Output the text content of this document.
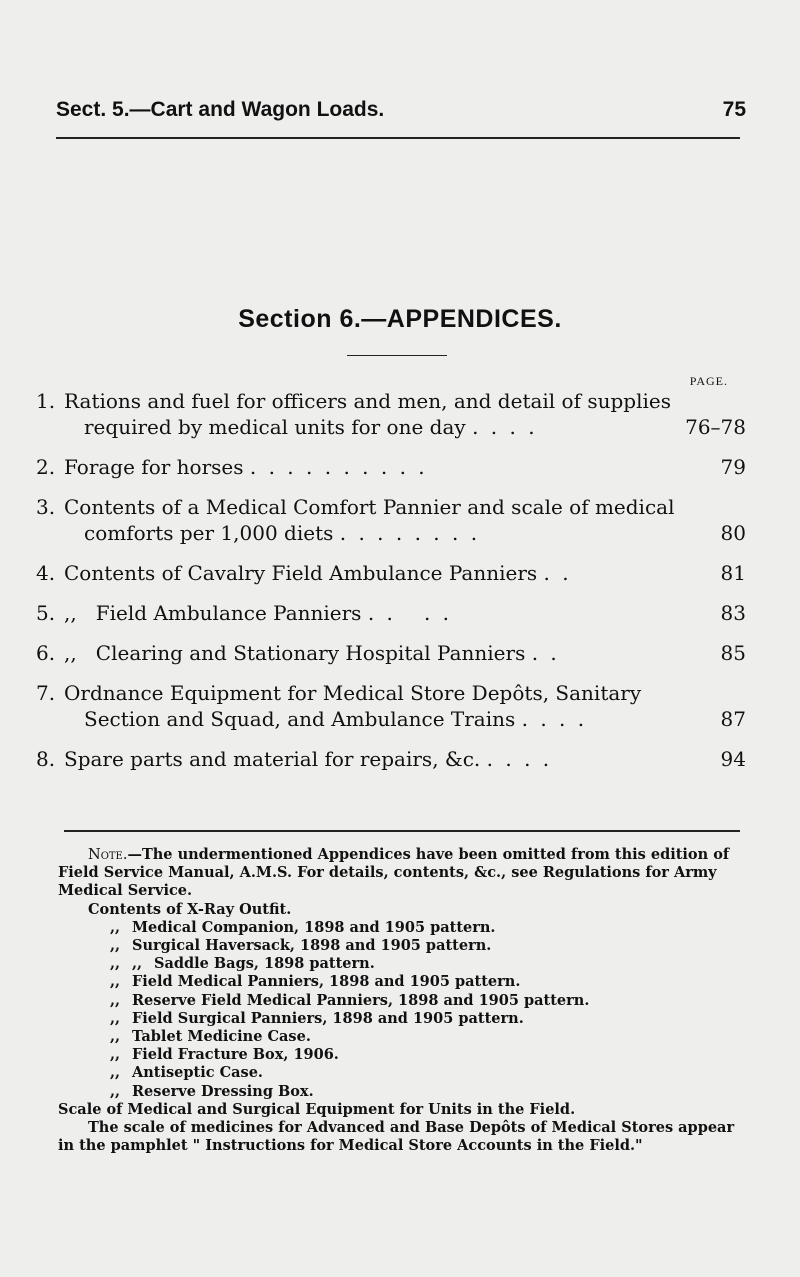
Sect. 5.—Cart and Wagon Loads.	75
Section 6.—APPENDICES.
PAGE.
1. Rations and fuel for officers and men, and detail of supplies
required by medical units for one day . . . .	76–78
2. Forage for horses . . . . . . . . . .	79
3. Contents of a Medical Comfort Pannier and scale of medical
comforts per 1,000 diets . . . . . . . .	80
4. Contents of Cavalry Field Ambulance Panniers . .	81
5. ,,   Field Ambulance Panniers . .   . .	83
6. ,,   Clearing and Stationary Hospital Panniers . .	85
7. Ordnance Equipment for Medical Store Depôts, Sanitary
Section and Squad, and Ambulance Trains . . . .	87
8. Spare parts and material for repairs, &c. . . . .	94

Note.—The undermentioned Appendices have been omitted from this edition of Field Service Manual, A.M.S. For details, contents, &c., see Regulations for Army Medical Service.

Contents of X-Ray Outfit.

,, Medical Companion, 1898 and 1905 pattern.

,, Surgical Haversack, 1898 and 1905 pattern.

,, ,, Saddle Bags, 1898 pattern.

,, Field Medical Panniers, 1898 and 1905 pattern.

,, Reserve Field Medical Panniers, 1898 and 1905 pattern.

,, Field Surgical Panniers, 1898 and 1905 pattern.

,, Tablet Medicine Case.

,, Field Fracture Box, 1906.

,, Antiseptic Case.

,, Reserve Dressing Box.

Scale of Medical and Surgical Equipment for Units in the Field.

The scale of medicines for Advanced and Base Depôts of Medical Stores appear in the pamphlet " Instructions for Medical Store Accounts in the Field."
